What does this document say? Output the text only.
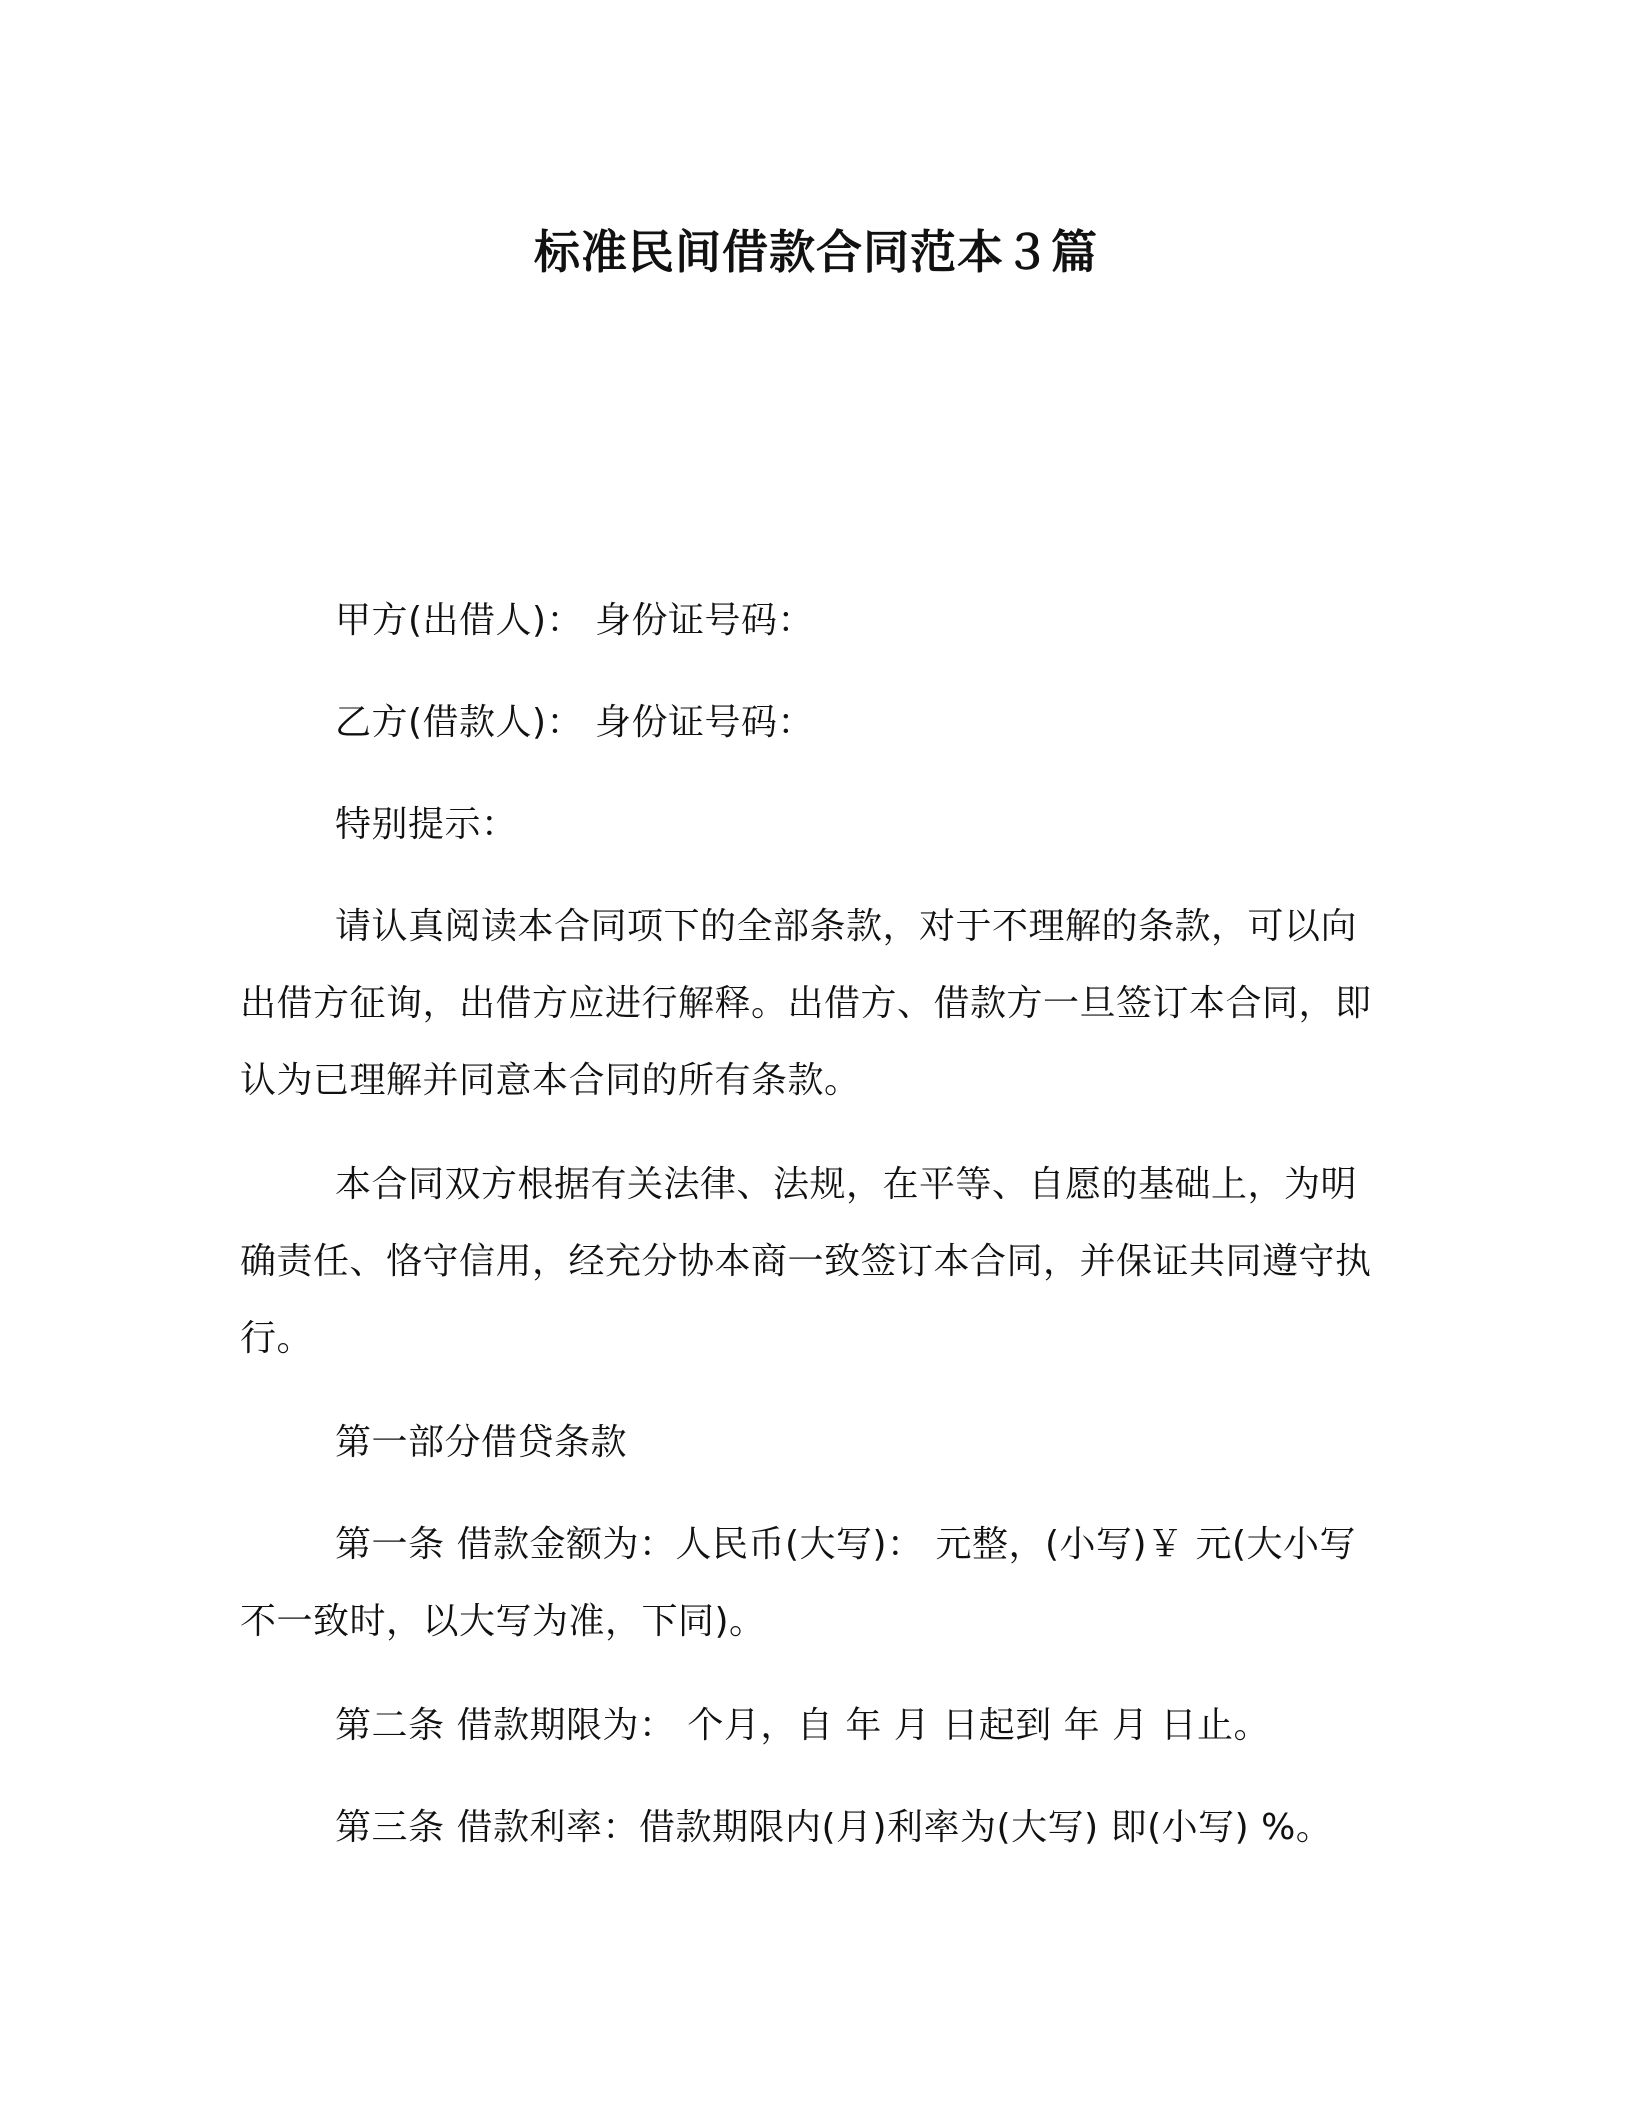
标准民间借款合同范本３篇

甲方(出借人)： 身份证号码：

乙方(借款人)： 身份证号码：

特别提示：

请认真阅读本合同项下的全部条款，对于不理解的条款，可以向出借方征询，出借方应进行解释。出借方、借款方一旦签订本合同，即认为已理解并同意本合同的所有条款。

本合同双方根据有关法律、法规，在平等、自愿的基础上，为明确责任、恪守信用，经充分协本商一致签订本合同，并保证共同遵守执行。

第一部分借贷条款

第一条 借款金额为：人民币(大写)： 元整，(小写)￥ 元(大小写不一致时，以大写为准，下同)。

第二条 借款期限为： 个月，自 年 月 日起到 年 月 日止。

第三条 借款利率：借款期限内(月)利率为(大写) 即(小写) %。
